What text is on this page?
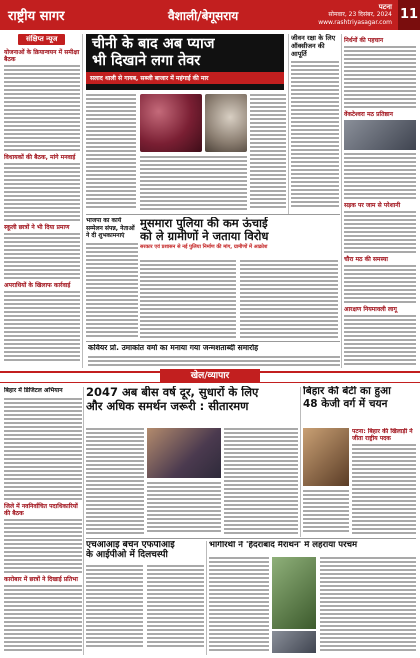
राष्ट्रीय सागर	वैशाली/बेगूसराय
पटना
सोमवार, 23 दिसंबर, 2024
www.rashtriyasagar.com
11
संक्षिप्त न्यूज
योजनाओं के क्रियान्वयन में समीक्षा बैठक
विधायकों की बैठक, मांगे मनवाई
स्कूली छात्रों ने भी दिया प्रमाण
अपराधियों के खिलाफ कार्रवाई
चीनी के बाद अब प्याज
भी दिखाने लगा तेवर
सलाद थाली से गायब, सब्जी बाजार में महंगाई की मार
जीवन रक्षा के लिए ऑक्सीजन की आपूर्ति
निर्धनों की पहचान
वेंकटेश्वरा मठ प्रतिष्ठान
सड़क पर जाम से परेशानी
चौरा मठ की समस्या
आरक्षण नियमावली लागू
भाजपा का कार्य सम्मेलन संपन्न, नेताओं ने दी शुभकामनाएं
मुसमारा पुलिया की कम ऊंचाई
को ले ग्रामीणों ने जताया विरोध
सरकार एवं प्रशासन से नई पुलिया निर्माण की मांग, ग्रामीणों में आक्रोश
कवियर प्रो. उमाकांत वर्मा का मनाया गया जन्मशताब्दी समारोह
खेल/व्यापार
बिहार में डिजिटल अभियान
जिले में नवनिर्वाचित पदाधिकारियों की बैठक
कारोबार में छात्रों ने दिखाई प्रतिभा
2047 अब बीस वर्ष दूर, सुधारों के लिए
और अधिक समर्थन जरूरी : सीतारमण
बिहार की बेटी का हुआ
48 केजी वर्ग में चयन
पटना: बिहार की खिलाड़ी ने जीता राष्ट्रीय पदक
एचओआई बैचेन एफपीआई
के आईपीओ में दिलचस्पी
भागीरथी ने 'हैदराबाद मैराथन' में लहराया परचम
